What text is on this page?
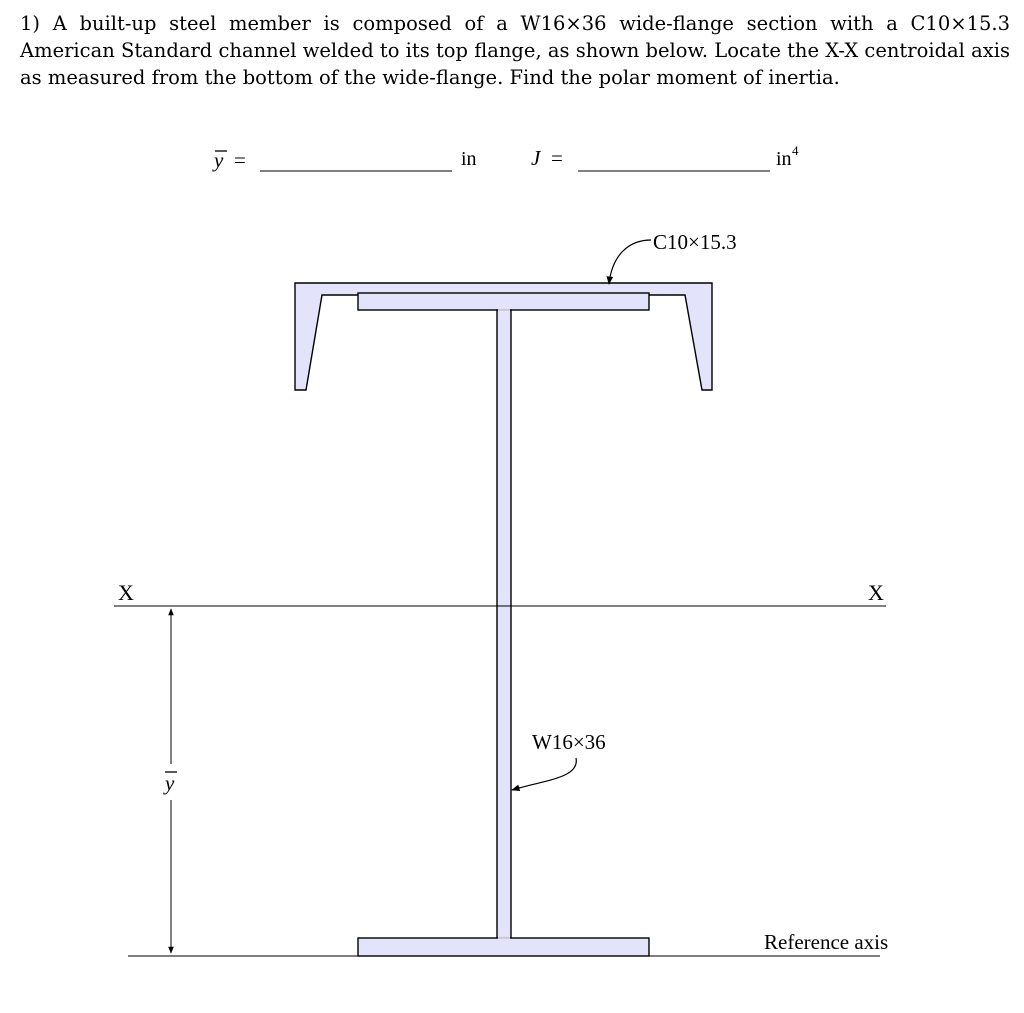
1) A built-up steel member is composed of a W16×36 wide-flange section with a C10×15.3 American Standard channel welded to its top flange, as shown below. Locate the X-X centroidal axis as measured from the bottom of the wide-flange. Find the polar moment of inertia.

y =	in	J =	in 4
C10×15.3
W16×36
X	X
Reference axis
y
